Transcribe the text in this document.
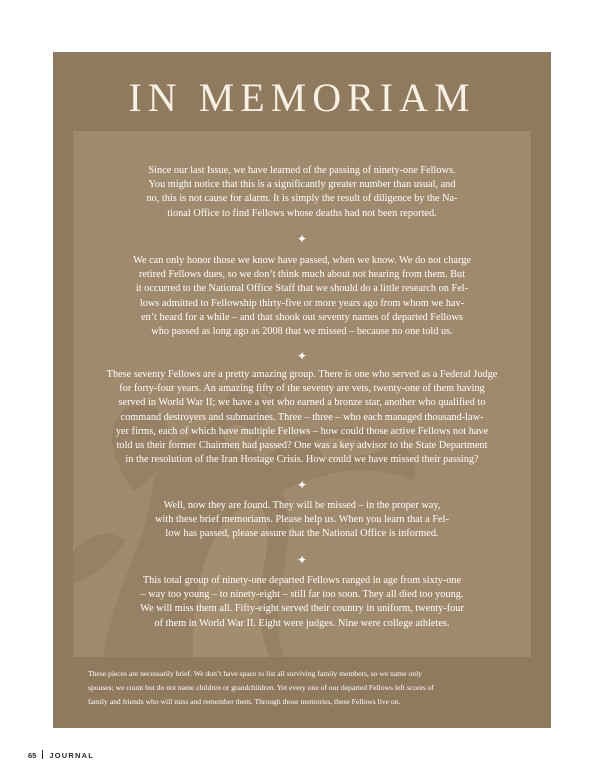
IN MEMORIAM

Since our last Issue, we have learned of the passing of ninety-one Fellows.
You might notice that this is a significantly greater number than usual, and
no, this is not cause for alarm. It is simply the result of diligence by the Na-
tional Office to find Fellows whose deaths had not been reported.

✦

We can only honor those we know have passed, when we know. We do not charge
retired Fellows dues, so we don’t think much about not hearing from them. But
it occurred to the National Office Staff that we should do a little research on Fel-
lows admitted to Fellowship thirty-five or more years ago from whom we hav-
en’t heard for a while – and that shook out seventy names of departed Fellows
who passed as long ago as 2008 that we missed – because no one told us.

✦

These seventy Fellows are a pretty amazing group. There is one who served as a Federal Judge
for forty-four years. An amazing fifty of the seventy are vets, twenty-one of them having
served in World War II; we have a vet who earned a bronze star, another who qualified to
command destroyers and submarines. Three – three – who each managed thousand-law-
yer firms, each of which have multiple Fellows – how could those active Fellows not have
told us their former Chairmen had passed? One was a key advisor to the State Department
in the resolution of the Iran Hostage Crisis. How could we have missed their passing?

✦

Well, now they are found. They will be missed – in the proper way,
with these brief memoriams. Please help us. When you learn that a Fel-
low has passed, please assure that the National Office is informed.

✦

This total group of ninety-one departed Fellows ranged in age from sixty-one
– way too young – to ninety-eight – still far too soon. They all died too young.
We will miss them all. Fifty-eight served their country in uniform, twenty-four
of them in World War II. Eight were judges. Nine were college athletes.

These pieces are necessarily brief. We don’t have space to list all surviving family members, so we name only
spouses; we count but do not name children or grandchildren. Yet every one of our departed Fellows left scores of
family and friends who will miss and remember them. Through those memories, these Fellows live on.

65 JOURNAL
